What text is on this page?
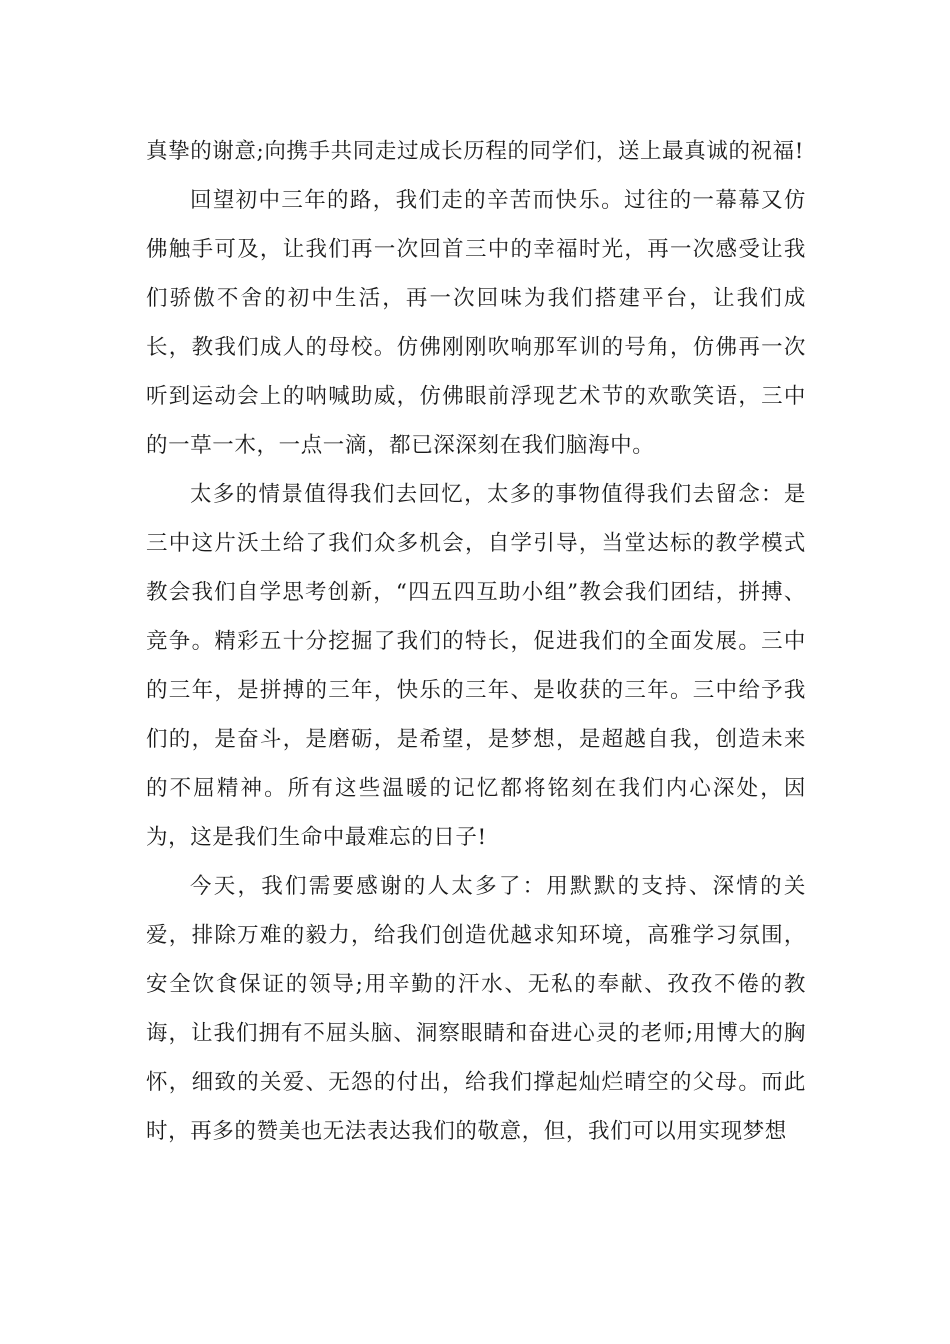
真挚的谢意;向携手共同走过成长历程的同学们，送上最真诚的祝福!

回望初中三年的路，我们走的辛苦而快乐。过往的一幕幕又仿佛触手可及，让我们再一次回首三中的幸福时光，再一次感受让我们骄傲不舍的初中生活，再一次回味为我们搭建平台，让我们成长，教我们成人的母校。仿佛刚刚吹响那军训的号角，仿佛再一次听到运动会上的呐喊助威，仿佛眼前浮现艺术节的欢歌笑语，三中的一草一木，一点一滴，都已深深刻在我们脑海中。

太多的情景值得我们去回忆，太多的事物值得我们去留念：是三中这片沃土给了我们众多机会，自学引导，当堂达标的教学模式教会我们自学思考创新，“四五四互助小组”教会我们团结，拼搏、竞争。精彩五十分挖掘了我们的特长，促进我们的全面发展。三中的三年，是拼搏的三年，快乐的三年、是收获的三年。三中给予我们的，是奋斗，是磨砺，是希望，是梦想，是超越自我，创造未来的不屈精神。所有这些温暖的记忆都将铭刻在我们内心深处，因为，这是我们生命中最难忘的日子!

今天，我们需要感谢的人太多了：用默默的支持、深情的关爱，排除万难的毅力，给我们创造优越求知环境，高雅学习氛围，安全饮食保证的领导;用辛勤的汗水、无私的奉献、孜孜不倦的教诲，让我们拥有不屈头脑、洞察眼睛和奋进心灵的老师;用博大的胸怀，细致的关爱、无怨的付出，给我们撑起灿烂晴空的父母。而此时，再多的赞美也无法表达我们的敬意，但，我们可以用实现梦想
